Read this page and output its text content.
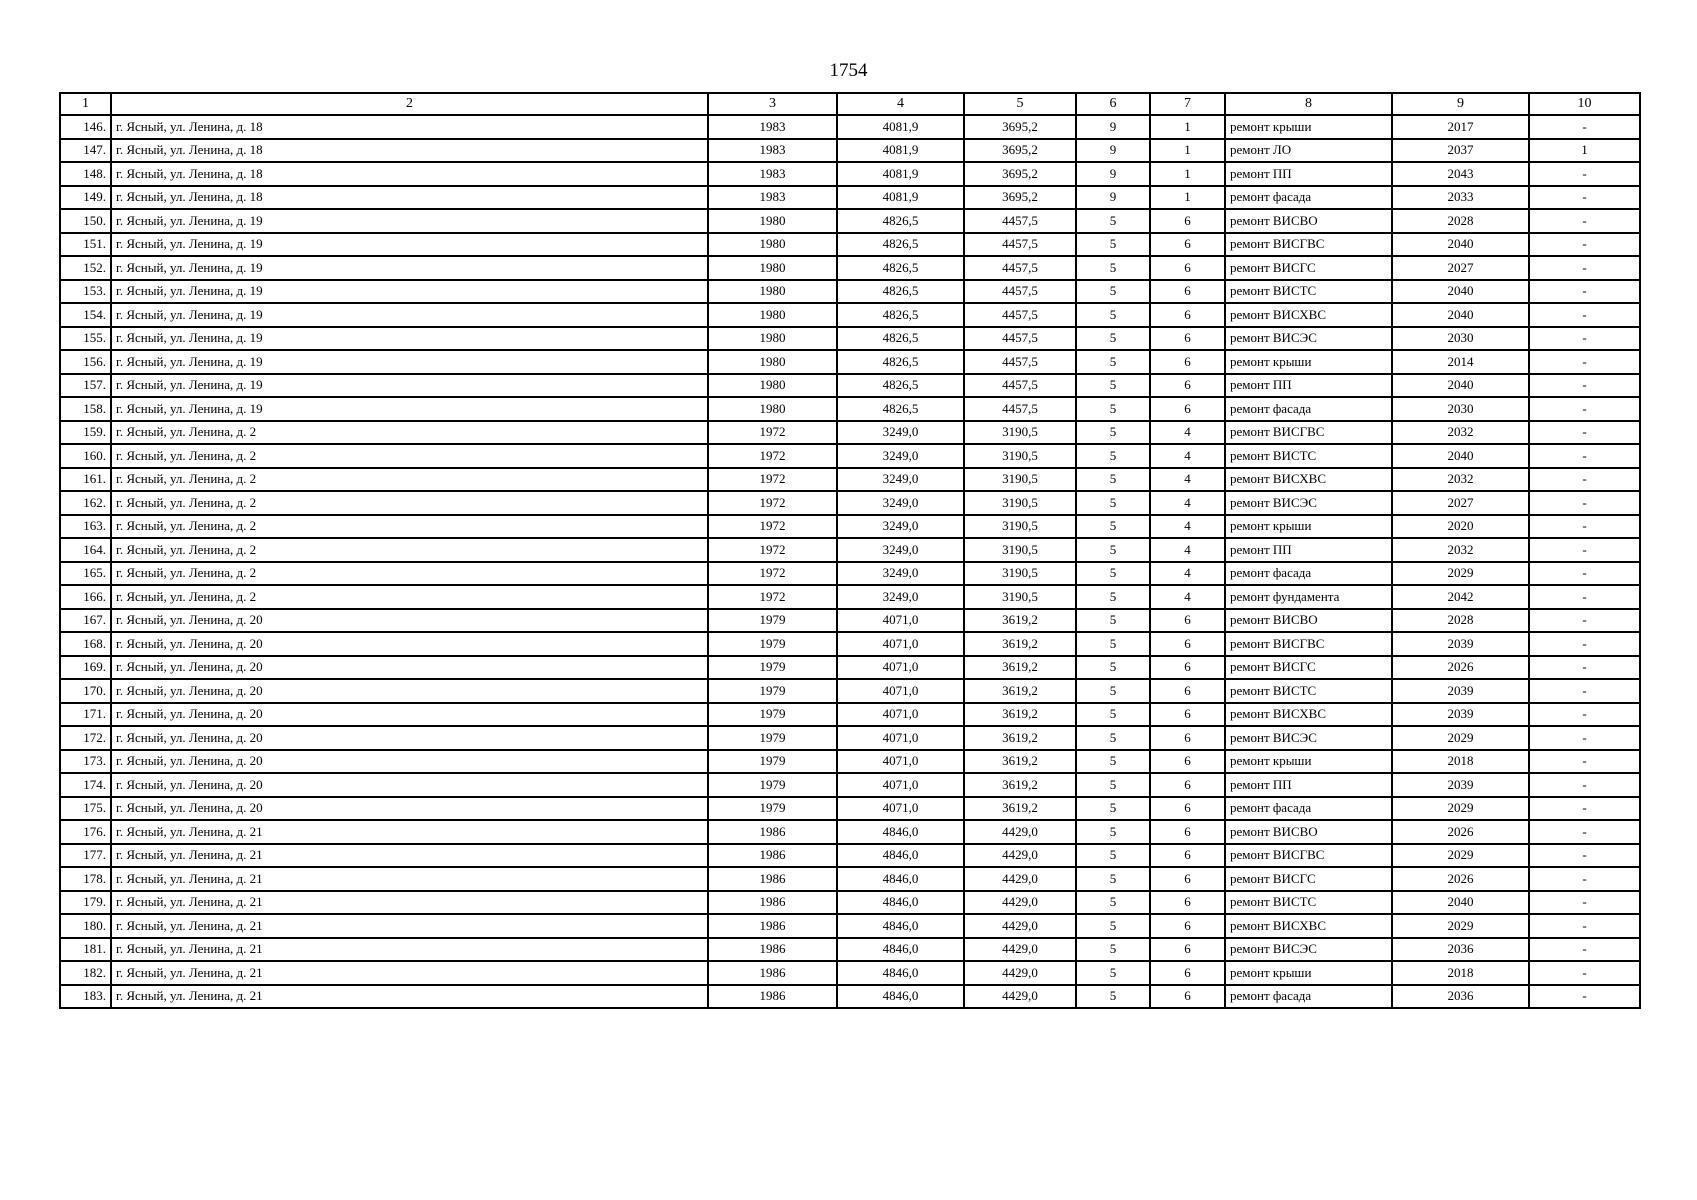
1754
1	2	3	4	5	6	7	8	9	10
146.	г. Ясный, ул. Ленина, д. 18	1983	4081,9	3695,2	9	1	ремонт крыши	2017	-
147.	г. Ясный, ул. Ленина, д. 18	1983	4081,9	3695,2	9	1	ремонт ЛО	2037	1
148.	г. Ясный, ул. Ленина, д. 18	1983	4081,9	3695,2	9	1	ремонт ПП	2043	-
149.	г. Ясный, ул. Ленина, д. 18	1983	4081,9	3695,2	9	1	ремонт фасада	2033	-
150.	г. Ясный, ул. Ленина, д. 19	1980	4826,5	4457,5	5	6	ремонт ВИСВО	2028	-
151.	г. Ясный, ул. Ленина, д. 19	1980	4826,5	4457,5	5	6	ремонт ВИСГВС	2040	-
152.	г. Ясный, ул. Ленина, д. 19	1980	4826,5	4457,5	5	6	ремонт ВИСГС	2027	-
153.	г. Ясный, ул. Ленина, д. 19	1980	4826,5	4457,5	5	6	ремонт ВИСТС	2040	-
154.	г. Ясный, ул. Ленина, д. 19	1980	4826,5	4457,5	5	6	ремонт ВИСХВС	2040	-
155.	г. Ясный, ул. Ленина, д. 19	1980	4826,5	4457,5	5	6	ремонт ВИСЭС	2030	-
156.	г. Ясный, ул. Ленина, д. 19	1980	4826,5	4457,5	5	6	ремонт крыши	2014	-
157.	г. Ясный, ул. Ленина, д. 19	1980	4826,5	4457,5	5	6	ремонт ПП	2040	-
158.	г. Ясный, ул. Ленина, д. 19	1980	4826,5	4457,5	5	6	ремонт фасада	2030	-
159.	г. Ясный, ул. Ленина, д. 2	1972	3249,0	3190,5	5	4	ремонт ВИСГВС	2032	-
160.	г. Ясный, ул. Ленина, д. 2	1972	3249,0	3190,5	5	4	ремонт ВИСТС	2040	-
161.	г. Ясный, ул. Ленина, д. 2	1972	3249,0	3190,5	5	4	ремонт ВИСХВС	2032	-
162.	г. Ясный, ул. Ленина, д. 2	1972	3249,0	3190,5	5	4	ремонт ВИСЭС	2027	-
163.	г. Ясный, ул. Ленина, д. 2	1972	3249,0	3190,5	5	4	ремонт крыши	2020	-
164.	г. Ясный, ул. Ленина, д. 2	1972	3249,0	3190,5	5	4	ремонт ПП	2032	-
165.	г. Ясный, ул. Ленина, д. 2	1972	3249,0	3190,5	5	4	ремонт фасада	2029	-
166.	г. Ясный, ул. Ленина, д. 2	1972	3249,0	3190,5	5	4	ремонт фундамента	2042	-
167.	г. Ясный, ул. Ленина, д. 20	1979	4071,0	3619,2	5	6	ремонт ВИСВО	2028	-
168.	г. Ясный, ул. Ленина, д. 20	1979	4071,0	3619,2	5	6	ремонт ВИСГВС	2039	-
169.	г. Ясный, ул. Ленина, д. 20	1979	4071,0	3619,2	5	6	ремонт ВИСГС	2026	-
170.	г. Ясный, ул. Ленина, д. 20	1979	4071,0	3619,2	5	6	ремонт ВИСТС	2039	-
171.	г. Ясный, ул. Ленина, д. 20	1979	4071,0	3619,2	5	6	ремонт ВИСХВС	2039	-
172.	г. Ясный, ул. Ленина, д. 20	1979	4071,0	3619,2	5	6	ремонт ВИСЭС	2029	-
173.	г. Ясный, ул. Ленина, д. 20	1979	4071,0	3619,2	5	6	ремонт крыши	2018	-
174.	г. Ясный, ул. Ленина, д. 20	1979	4071,0	3619,2	5	6	ремонт ПП	2039	-
175.	г. Ясный, ул. Ленина, д. 20	1979	4071,0	3619,2	5	6	ремонт фасада	2029	-
176.	г. Ясный, ул. Ленина, д. 21	1986	4846,0	4429,0	5	6	ремонт ВИСВО	2026	-
177.	г. Ясный, ул. Ленина, д. 21	1986	4846,0	4429,0	5	6	ремонт ВИСГВС	2029	-
178.	г. Ясный, ул. Ленина, д. 21	1986	4846,0	4429,0	5	6	ремонт ВИСГС	2026	-
179.	г. Ясный, ул. Ленина, д. 21	1986	4846,0	4429,0	5	6	ремонт ВИСТС	2040	-
180.	г. Ясный, ул. Ленина, д. 21	1986	4846,0	4429,0	5	6	ремонт ВИСХВС	2029	-
181.	г. Ясный, ул. Ленина, д. 21	1986	4846,0	4429,0	5	6	ремонт ВИСЭС	2036	-
182.	г. Ясный, ул. Ленина, д. 21	1986	4846,0	4429,0	5	6	ремонт крыши	2018	-
183.	г. Ясный, ул. Ленина, д. 21	1986	4846,0	4429,0	5	6	ремонт фасада	2036	-
